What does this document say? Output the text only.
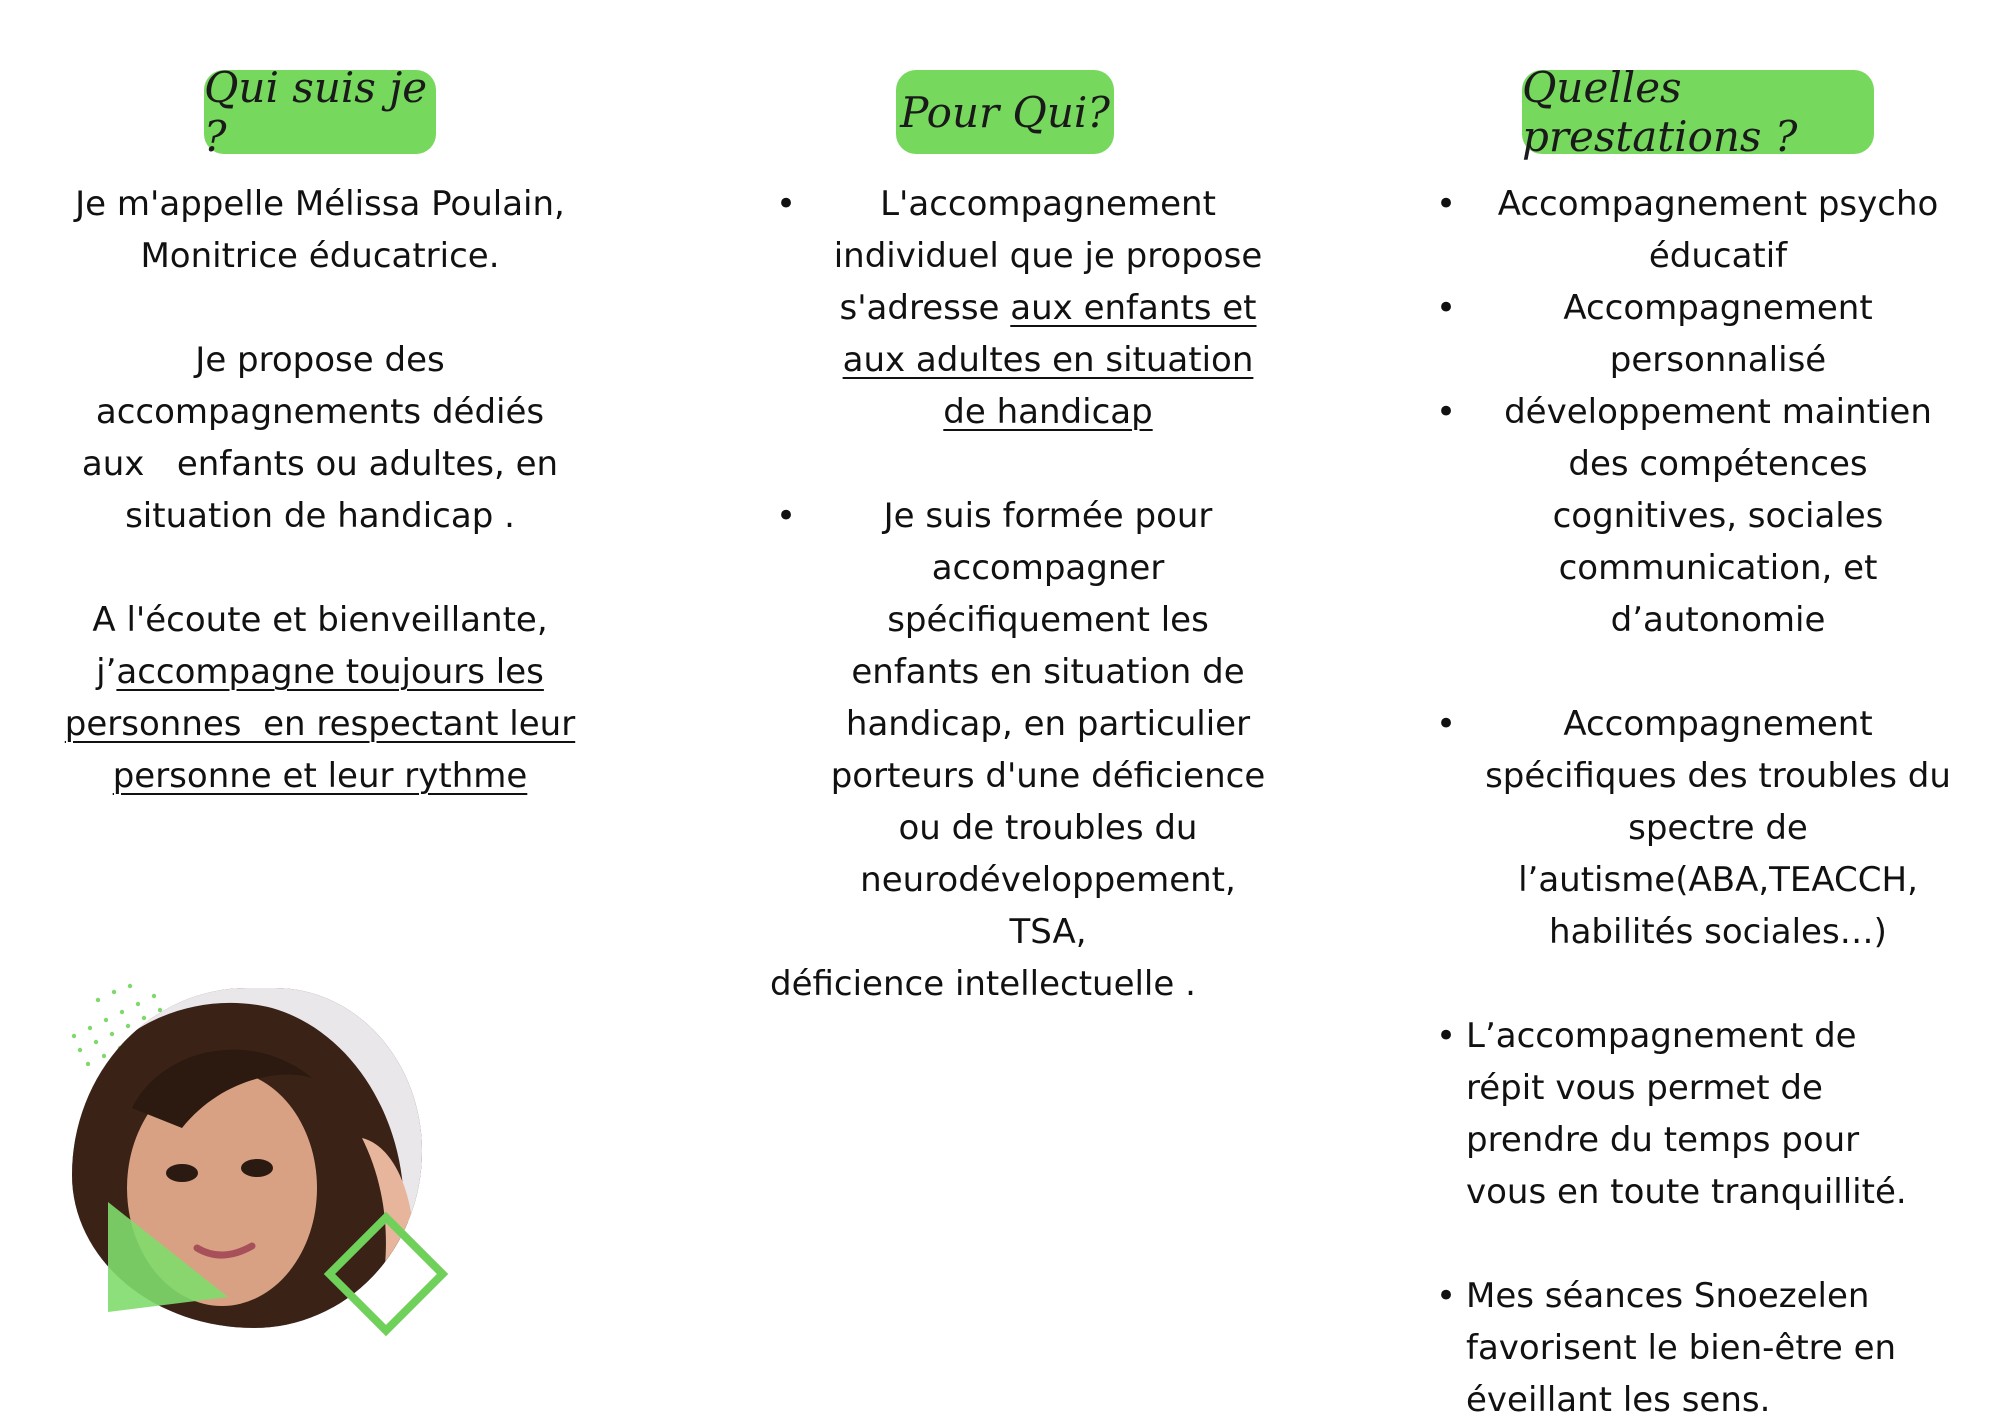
Qui suis je ?
Je m'appelle Mélissa Poulain,
Monitrice éducatrice.
Je propose des
accompagnements dédiés
aux   enfants ou adultes, en
situation de handicap .
A l'écoute et bienveillante,
j’accompagne toujours les
personnes  en respectant leur
personne et leur rythme
Pour Qui?
•	L'accompagnement
individuel que je propose
s'adresse aux enfants et
aux adultes en situation
de handicap
•	Je suis formée pour
accompagner
spécifiquement les
enfants en situation de
handicap, en particulier
porteurs d'une déficience
ou de troubles du
neurodéveloppement,
TSA,
déficience intellectuelle .
Quelles prestations ?
•	Accompagnement psycho
éducatif
•	Accompagnement
personnalisé
•	développement maintien
des compétences
cognitives, sociales
communication, et
d’autonomie
•	Accompagnement
spécifiques des troubles du
spectre de
l’autisme(ABA,TEACCH,
habilités sociales…)
• L’accompagnement de
répit vous permet de
prendre du temps pour
vous en toute tranquillité.
• Mes séances Snoezelen
favorisent le bien-être en
éveillant les sens.
